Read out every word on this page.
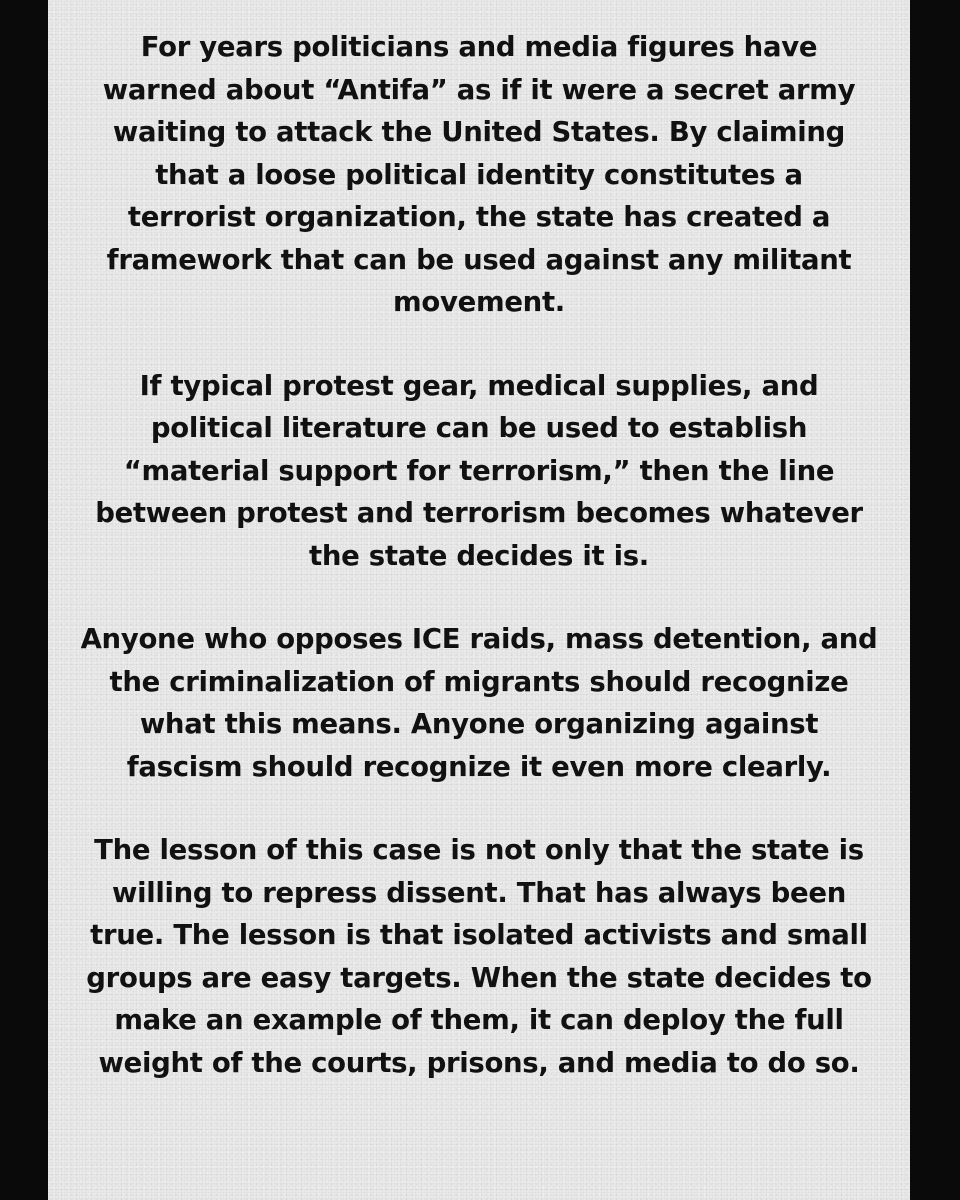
For years politicians and media figures have warned about “Antifa” as if it were a secret army waiting to attack the United States. By claiming that a loose political identity constitutes a terrorist organization, the state has created a framework that can be used against any militant movement.

If typical protest gear, medical supplies, and political literature can be used to establish “material support for terrorism,” then the line between protest and terrorism becomes whatever the state decides it is.

Anyone who opposes ICE raids, mass detention, and the criminalization of migrants should recognize what this means. Anyone organizing against fascism should recognize it even more clearly.

The lesson of this case is not only that the state is willing to repress dissent. That has always been true. The lesson is that isolated activists and small groups are easy targets. When the state decides to make an example of them, it can deploy the full weight of the courts, prisons, and media to do so.
